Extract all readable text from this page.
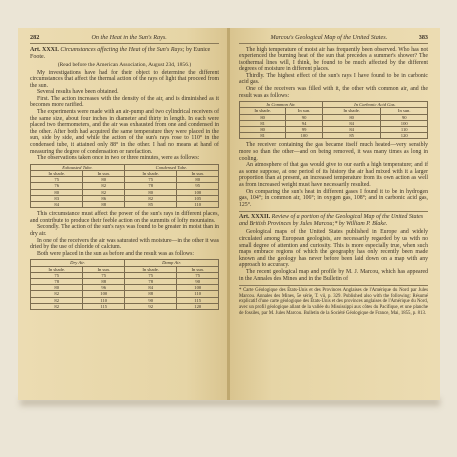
282	On the Heat in the Sun's Rays.
Art. XXXI. Circumstances affecting the Heat of the Sun's Rays; by Eunice Foote.
(Read before the American Association, August 23d, 1856.)

My investigations have had for their object to determine the different circumstances that affect the thermal action of the rays of light that proceed from the sun.

Several results have been obtained.

First. The action increases with the density of the air, and is diminished as it becomes more rarified.

The experiments were made with an air-pump and two cylindrical receivers of the same size, about four inches in diameter and thirty in length. In each were placed two thermometers, and the air was exhausted from one and condensed in the other. After both had acquired the same temperature they were placed in the sun, side by side, and while the action of the sun's rays rose to 110° in the condensed tube, it attained only 88° in the other. I had no means at hand of measuring the degree of condensation or rarefaction.

The observations taken once in two or three minutes, were as follows:

Exhausted Tube.		Condensed Tube.	
In shade.	In sun.	In shade.	In sun.
75	80	75	80
76	82	78	95
80	82	80	100
83	86	82	105
84	88	85	110

This circumstance must affect the power of the sun's rays in different places, and contribute to produce their feeble action on the summits of lofty mountains.

Secondly. The action of the sun's rays was found to be greater in moist than in dry air.

In one of the receivers the air was saturated with moisture—in the other it was dried by the use of chloride of calcium.

Both were placed in the sun as before and the result was as follows:

Dry Air.		Damp Air.	
In shade.	In sun.	In shade.	In sun.
75	75	75	75
78	88	78	90
80	96	84	100
82	100	88	110
82	110	90	115
82	115	92	120
Marcou's Geological Map of the United States.	383

The high temperature of moist air has frequently been observed. Who has not experienced the burning heat of the sun that precedes a summer's shower? The isothermal lines will, I think, be found to be much affected by the different degrees of moisture in different places.

Thirdly. The highest effect of the sun's rays I have found to be in carbonic acid gas.

One of the receivers was filled with it, the other with common air, and the result was as follows:

In Common Air.		In Carbonic Acid Gas.	
In shade.	In sun.	In shade.	In sun.
80	90	80	90
81	94	84	100
80	99	84	110
81	100	85	120

The receiver containing the gas became itself much heated—very sensibly more so than the other—and on being removed, it was many times as long in cooling.

An atmosphere of that gas would give to our earth a high temperature; and if as some suppose, at one period of its history the air had mixed with it a larger proportion than at present, an increased temperature from its own action as well as from increased weight must have necessarily resulted.

On comparing the sun's heat in different gases I found it to be in hydrogen gas, 104°; in common air, 106°; in oxygen gas, 108°; and in carbonic acid gas, 125°.

Art. XXXII. Review of a portion of the Geological Map of the United States and British Provinces by Jules Marcou;* by William P. Blake.

Geological maps of the United States published in Europe and widely circulated among European geologists, are necessarily regarded by us with no small degree of attention and curiosity. This is more especially true, when such maps embrace regions of which the geography has only recently been made known and the geology has never before been laid down on a map with any approach to accuracy.

The recent geological map and profile by M. J. Marcou, which has appeared in the Annales des Mines and in the Bulletin of

* Carte Géologique des États-Unis et des Provinces Anglaises de l'Amérique du Nord par Jules Marcou. Annales des Mines, 5e série, T. vii, p. 329. Published also with the following: Résumé explicatif d'une carte géologique des États-Unis et des provinces anglaises de l'Amérique du Nord, avec un profil géologique allant de la vallée du Mississippi aux côtes du Pacifique, et une planche de fossiles, par M. Jules Marcou. Bulletin de la Société Géologique de France, Mai, 1855, p. 813.
